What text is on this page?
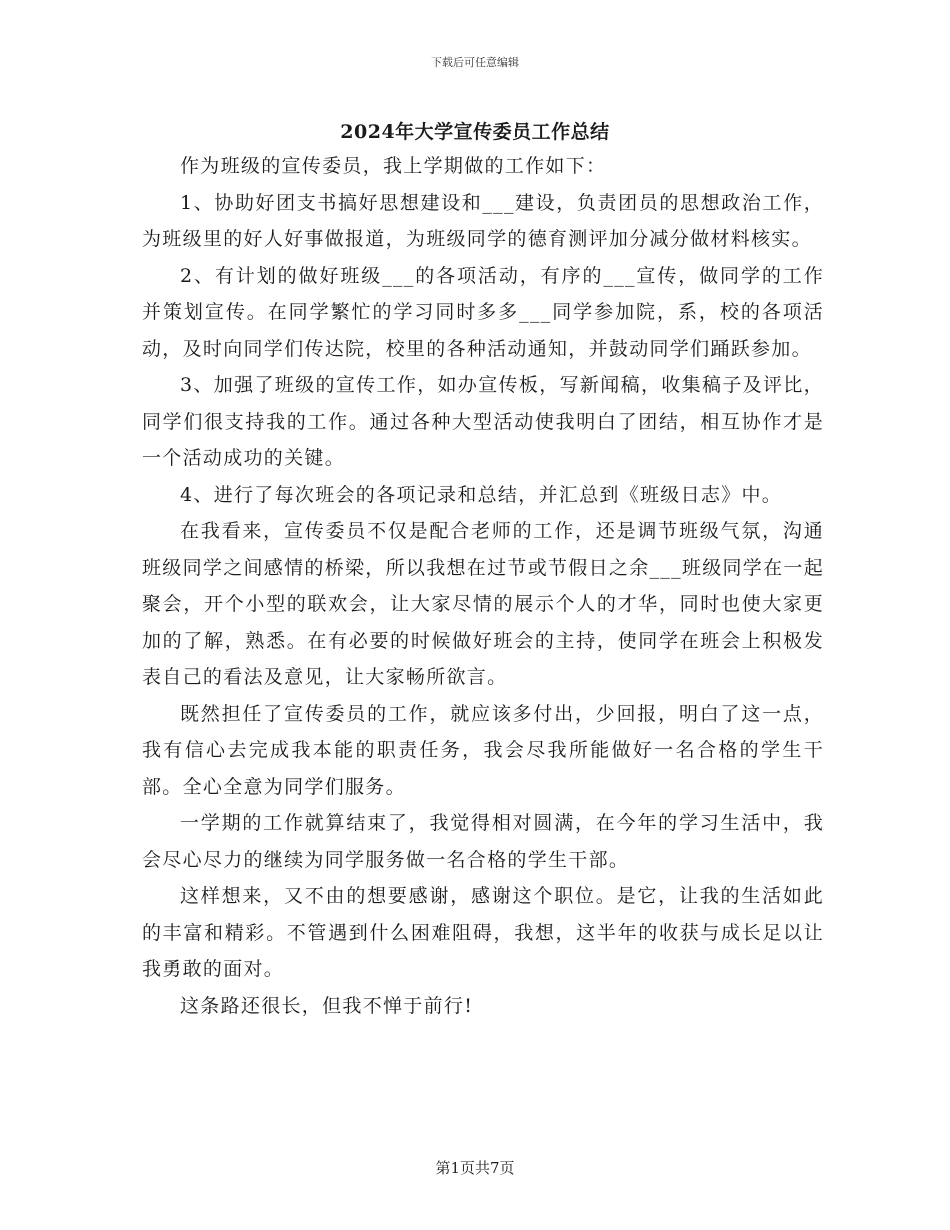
下载后可任意编辑
2024年大学宣传委员工作总结

作为班级的宣传委员，我上学期做的工作如下：

1、协助好团支书搞好思想建设和___建设，负责团员的思想政治工作，为班级里的好人好事做报道，为班级同学的德育测评加分减分做材料核实。

2、有计划的做好班级___的各项活动，有序的___宣传，做同学的工作并策划宣传。在同学繁忙的学习同时多多___同学参加院，系，校的各项活动，及时向同学们传达院，校里的各种活动通知，并鼓动同学们踊跃参加。

3、加强了班级的宣传工作，如办宣传板，写新闻稿，收集稿子及评比，同学们很支持我的工作。通过各种大型活动使我明白了团结，相互协作才是一个活动成功的关键。

4、进行了每次班会的各项记录和总结，并汇总到《班级日志》中。

在我看来，宣传委员不仅是配合老师的工作，还是调节班级气氛，沟通班级同学之间感情的桥梁，所以我想在过节或节假日之余___班级同学在一起聚会，开个小型的联欢会，让大家尽情的展示个人的才华，同时也使大家更加的了解，熟悉。在有必要的时候做好班会的主持，使同学在班会上积极发表自己的看法及意见，让大家畅所欲言。

既然担任了宣传委员的工作，就应该多付出，少回报，明白了这一点，我有信心去完成我本能的职责任务，我会尽我所能做好一名合格的学生干部。全心全意为同学们服务。

一学期的工作就算结束了，我觉得相对圆满，在今年的学习生活中，我会尽心尽力的继续为同学服务做一名合格的学生干部。

这样想来，又不由的想要感谢，感谢这个职位。是它，让我的生活如此的丰富和精彩。不管遇到什么困难阻碍，我想，这半年的收获与成长足以让我勇敢的面对。

这条路还很长，但我不惮于前行!

第1页共7页
